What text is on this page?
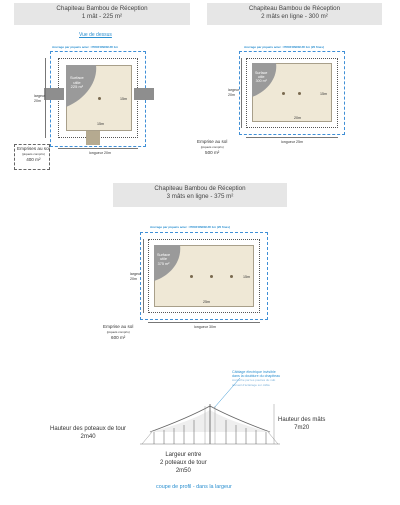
Chapiteau Bambou de Réception
1 mât - 225 m²
Vue de dessus
Ancrage par piquets acier : PROFONDEUR 1m
Surface
utile
225 m²
15m
15m
largeur
20m
longueur 20m
Emprises au sol
(piquets compris)
400 m²
Chapiteau Bambou de Réception
2 mâts en ligne - 300 m²
Ancrage par piquets acier : PROFONDEUR 1m (20 fines)
Surface
utile
300 m²
15m
20m
largeur
20m
longueur 25m
Emprise au sol
(piquets compris)
500 m²
Chapiteau Bambou de Réception
3 mâts en ligne - 375 m²
Ancrage par piquets acier : PROFONDEUR 1m (20 fines)
Surface
utile
375 m²
15m
25m
largeur
20m
longueur 30m
Emprise au sol
(piquets compris)
600 m²
Câblage électrique invisible
dans la doublure du chapiteau
Accroche par les poutres du mât
Accueil d'éclairage sur câble
Hauteur des poteaux de tour
2m40
Hauteur des mâts
7m20
Largeur entre
2 poteaux de tour
2m50
coupe de profil - dans la largeur
